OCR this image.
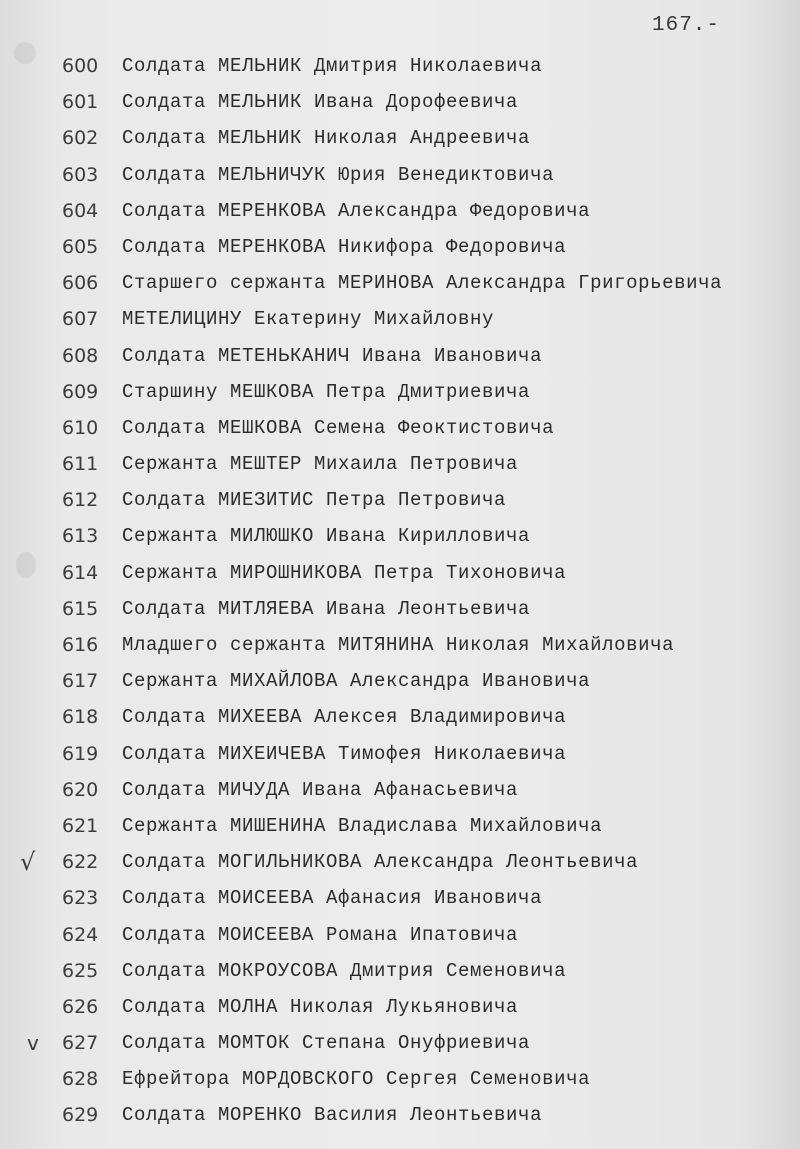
167.-
600	Солдата МЕЛЬНИК Дмитрия Николаевича
601	Солдата МЕЛЬНИК Ивана Дорофеевича
602	Солдата МЕЛЬНИК Николая Андреевича
603	Солдата МЕЛЬНИЧУК Юрия Венедиктовича
604	Солдата МЕРЕНКОВА Александра Федоровича
605	Солдата МЕРЕНКОВА Никифора Федоровича
606	Старшего сержанта МЕРИНОВА Александра Григорьевича
607	МЕТЕЛИЦИНУ Екатерину Михайловну
608	Солдата МЕТЕНЬКАНИЧ Ивана Ивановича
609	Старшину МЕШКОВА Петра Дмитриевича
610	Солдата МЕШКОВА Семена Феоктистовича
611	Сержанта МЕШТЕР Михаила Петровича
612	Солдата МИЕЗИТИС Петра Петровича
613	Сержанта МИЛЮШКО Ивана Кирилловича
614	Сержанта МИРОШНИКОВА Петра Тихоновича
615	Солдата МИТЛЯЕВА Ивана Леонтьевича
616	Младшего сержанта МИТЯНИНА Николая Михайловича
617	Сержанта МИХАЙЛОВА Александра Ивановича
618	Солдата МИХЕЕВА Алексея Владимировича
619	Солдата МИХЕИЧЕВА Тимофея Николаевича
620	Солдата МИЧУДА Ивана Афанасьевича
621	Сержанта МИШЕНИНА Владислава Михайловича
√ 622	Солдата МОГИЛЬНИКОВА Александра Леонтьевича
623	Солдата МОИСЕЕВА Афанасия Ивановича
624	Солдата МОИСЕЕВА Романа Ипатовича
625	Солдата МОКРОУСОВА Дмитрия Семеновича
626	Солдата МОЛНА Николая Лукьяновича
v 627	Солдата МОМТОК Степана Онуфриевича
628	Ефрейтора МОРДОВСКОГО Сергея Семеновича
629	Солдата МОРЕНКО Василия Леонтьевича
